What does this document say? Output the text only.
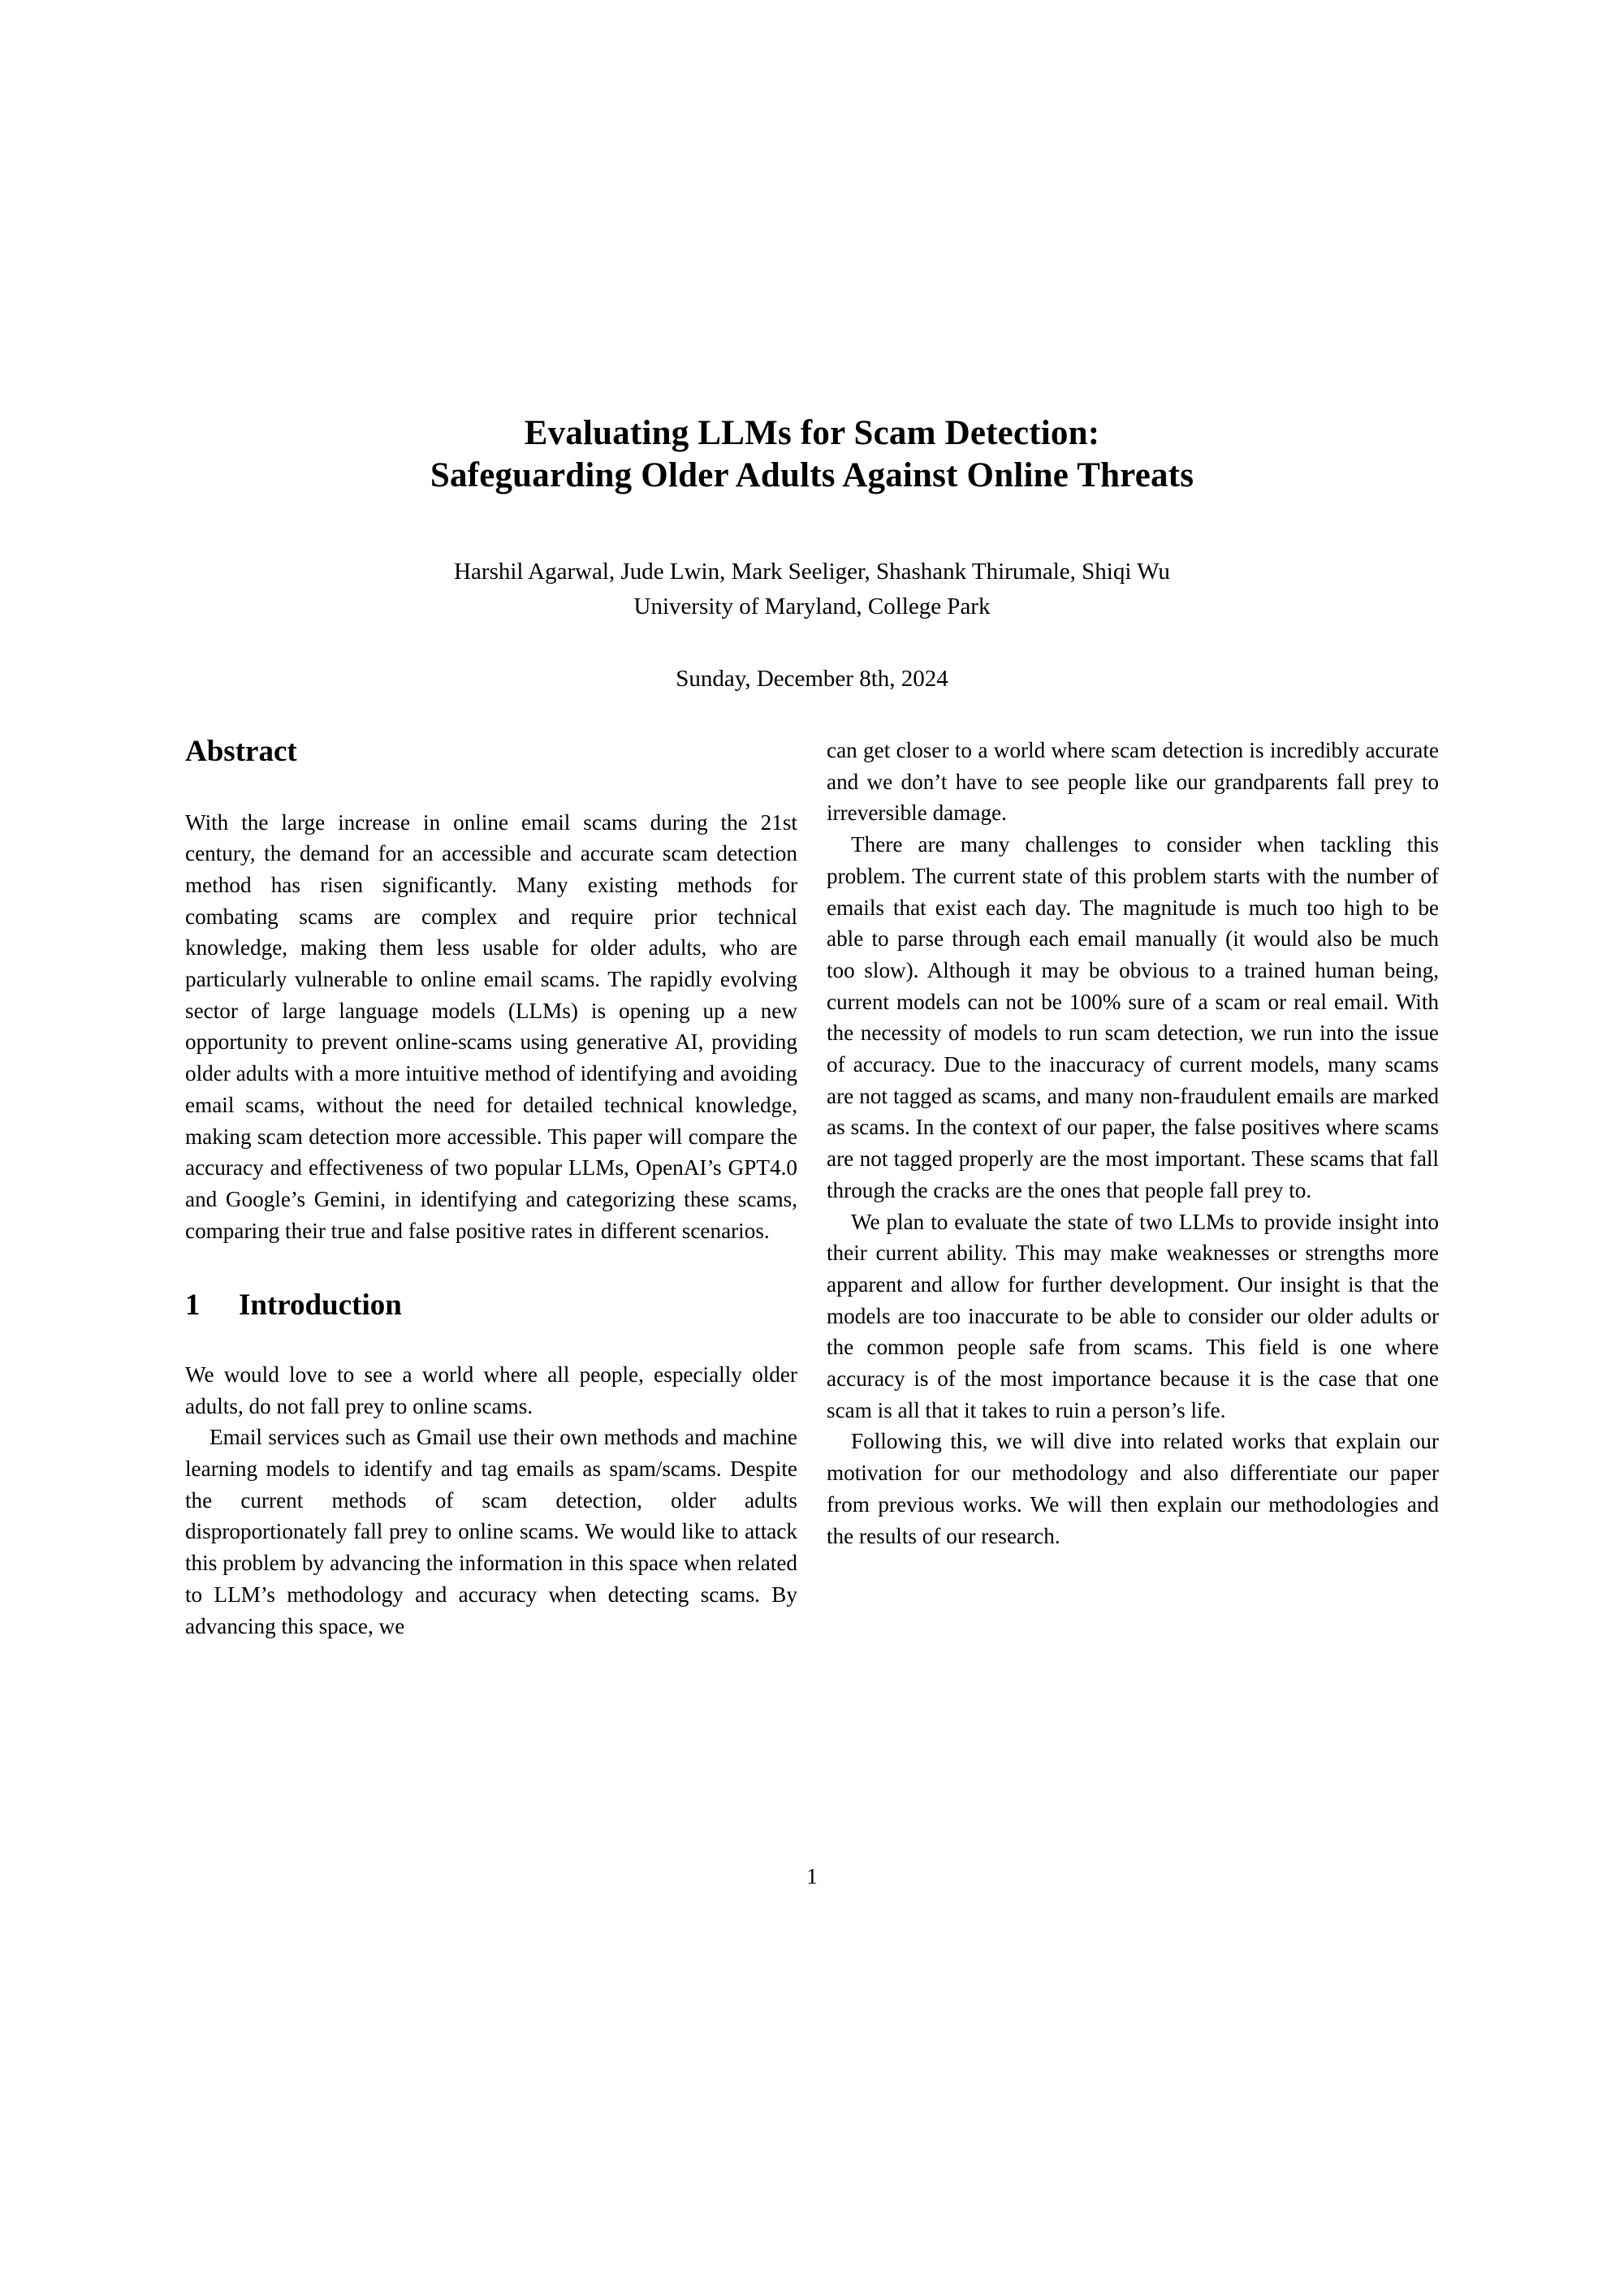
Evaluating LLMs for Scam Detection:
Safeguarding Older Adults Against Online Threats
Harshil Agarwal, Jude Lwin, Mark Seeliger, Shashank Thirumale, Shiqi Wu
University of Maryland, College Park
Sunday, December 8th, 2024
Abstract

With the large increase in online email scams during the 21st century, the demand for an accessible and accurate scam detection method has risen significantly. Many existing methods for combating scams are complex and require prior technical knowledge, making them less usable for older adults, who are particularly vulnerable to online email scams. The rapidly evolving sector of large language models (LLMs) is opening up a new opportunity to prevent online-scams using generative AI, providing older adults with a more intuitive method of identifying and avoiding email scams, without the need for detailed technical knowledge, making scam detection more accessible. This paper will compare the accuracy and effectiveness of two popular LLMs, OpenAI’s GPT4.0 and Google’s Gemini, in identifying and categorizing these scams, comparing their true and false positive rates in different scenarios.

1 Introduction

We would love to see a world where all people, especially older adults, do not fall prey to online scams.

Email services such as Gmail use their own methods and machine learning models to identify and tag emails as spam/scams. Despite the current methods of scam detection, older adults disproportionately fall prey to online scams. We would like to attack this problem by advancing the information in this space when related to LLM’s methodology and accuracy when detecting scams. By advancing this space, we

can get closer to a world where scam detection is incredibly accurate and we don’t have to see people like our grandparents fall prey to irreversible damage.

There are many challenges to consider when tackling this problem. The current state of this problem starts with the number of emails that exist each day. The magnitude is much too high to be able to parse through each email manually (it would also be much too slow). Although it may be obvious to a trained human being, current models can not be 100% sure of a scam or real email. With the necessity of models to run scam detection, we run into the issue of accuracy. Due to the inaccuracy of current models, many scams are not tagged as scams, and many non-fraudulent emails are marked as scams. In the context of our paper, the false positives where scams are not tagged properly are the most important. These scams that fall through the cracks are the ones that people fall prey to.

We plan to evaluate the state of two LLMs to provide insight into their current ability. This may make weaknesses or strengths more apparent and allow for further development. Our insight is that the models are too inaccurate to be able to consider our older adults or the common people safe from scams. This field is one where accuracy is of the most importance because it is the case that one scam is all that it takes to ruin a person’s life.

Following this, we will dive into related works that explain our motivation for our methodology and also differentiate our paper from previous works. We will then explain our methodologies and the results of our research.

1
